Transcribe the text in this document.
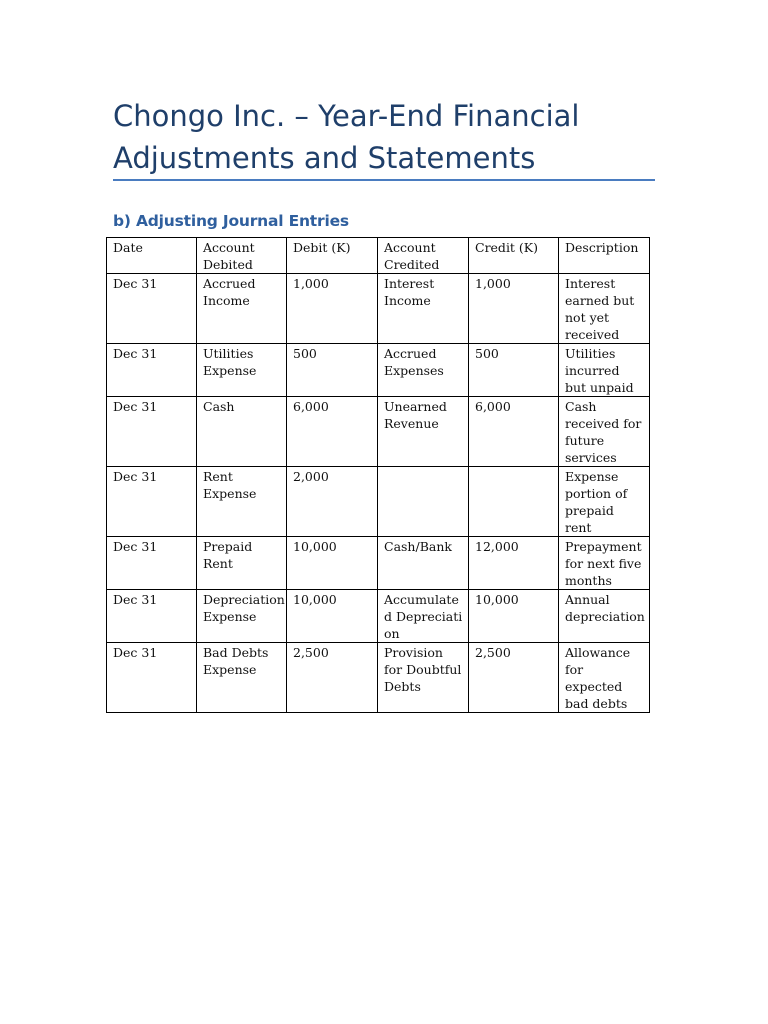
Chongo Inc. – Year-End Financial Adjustments and Statements
b) Adjusting Journal Entries
Date	Account Debited	Debit (K)	Account Credited	Credit (K)	Description
Dec 31	Accrued Income	1,000	Interest Income	1,000	Interest earned but not yet received
Dec 31	Utilities Expense	500	Accrued Expenses	500	Utilities incurred but unpaid
Dec 31	Cash	6,000	Unearned Revenue	6,000	Cash received for future services
Dec 31	Rent Expense	2,000			Expense portion of prepaid rent
Dec 31	Prepaid Rent	10,000	Cash/Bank	12,000	Prepayment for next five months
Dec 31	Depreciation Expense	10,000	Accumulated Depreciation	10,000	Annual depreciation
Dec 31	Bad Debts Expense	2,500	Provision for Doubtful Debts	2,500	Allowance for expected bad debts
